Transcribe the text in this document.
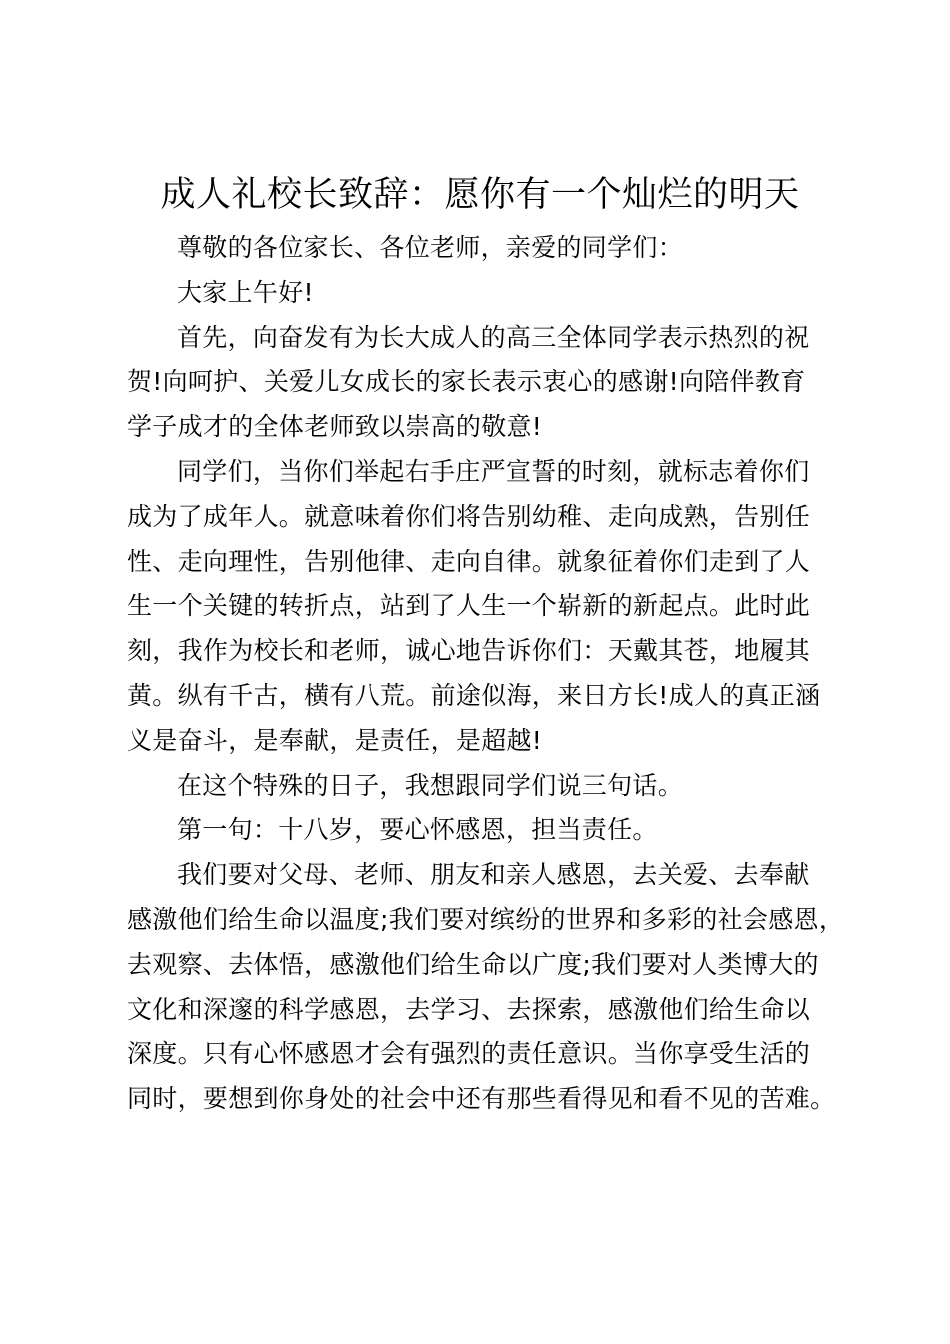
成人礼校长致辞：愿你有一个灿烂的明天
尊敬的各位家长、各位老师，亲爱的同学们：
大家上午好!
首先，向奋发有为长大成人的高三全体同学表示热烈的祝
贺!向呵护、关爱儿女成长的家长表示衷心的感谢!向陪伴教育
学子成才的全体老师致以崇高的敬意!
同学们，当你们举起右手庄严宣誓的时刻，就标志着你们
成为了成年人。就意味着你们将告别幼稚、走向成熟，告别任
性、走向理性，告别他律、走向自律。就象征着你们走到了人
生一个关键的转折点，站到了人生一个崭新的新起点。此时此
刻，我作为校长和老师，诚心地告诉你们：天戴其苍，地履其
黄。纵有千古，横有八荒。前途似海，来日方长!成人的真正涵
义是奋斗，是奉献，是责任，是超越!
在这个特殊的日子，我想跟同学们说三句话。
第一句：十八岁，要心怀感恩，担当责任。
我们要对父母、老师、朋友和亲人感恩，去关爱、去奉献
感激他们给生命以温度;我们要对缤纷的世界和多彩的社会感恩，
去观察、去体悟，感激他们给生命以广度;我们要对人类博大的
文化和深邃的科学感恩，去学习、去探索，感激他们给生命以
深度。只有心怀感恩才会有强烈的责任意识。当你享受生活的
同时，要想到你身处的社会中还有那些看得见和看不见的苦难。
